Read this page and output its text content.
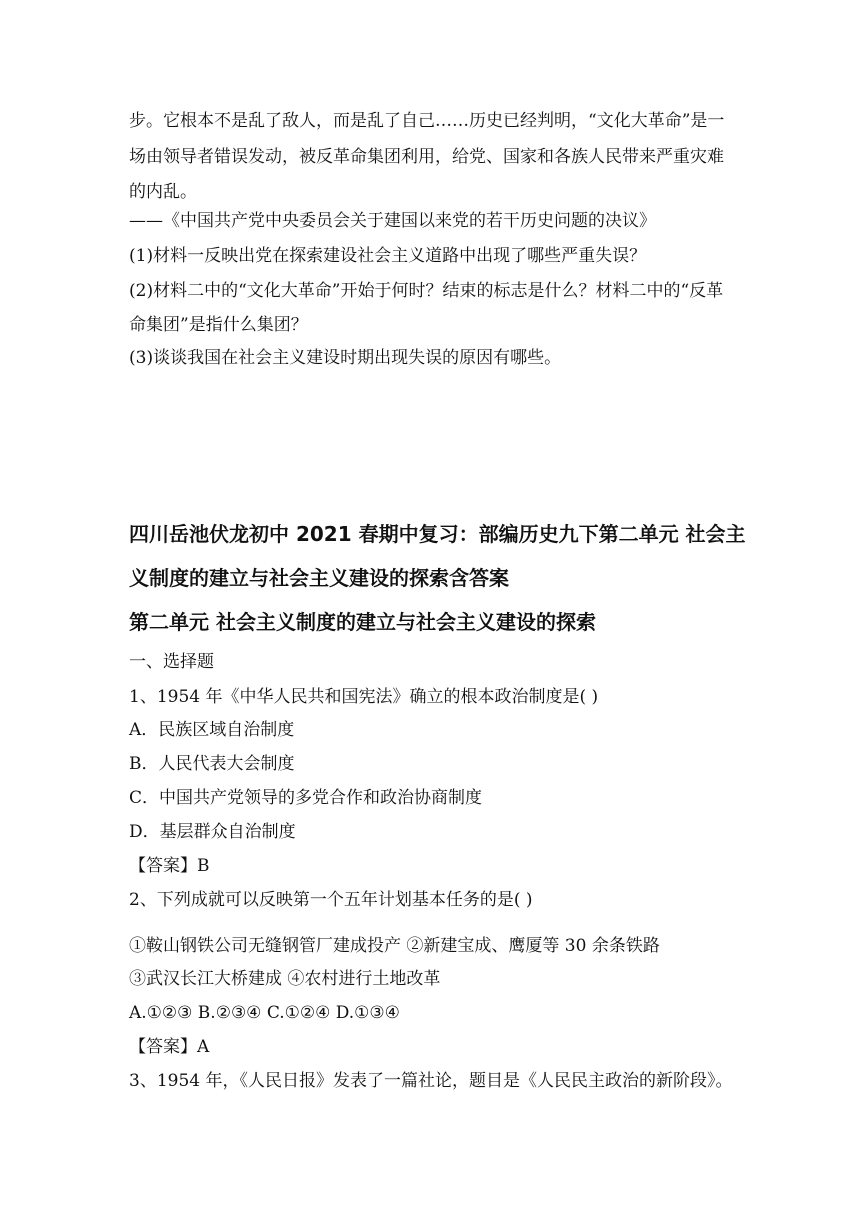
步。它根本不是乱了敌人，而是乱了自己……历史已经判明，“文化大革命”是一
场由领导者错误发动，被反革命集团利用，给党、国家和各族人民带来严重灾难
的内乱。
——《中国共产党中央委员会关于建国以来党的若干历史问题的决议》
(1)材料一反映出党在探索建设社会主义道路中出现了哪些严重失误？
(2)材料二中的“文化大革命”开始于何时？结束的标志是什么？材料二中的“反革
命集团”是指什么集团？
(3)谈谈我国在社会主义建设时期出现失误的原因有哪些。
四川岳池伏龙初中 2021 春期中复习：部编历史九下第二单元 社会主
义制度的建立与社会主义建设的探索含答案
第二单元 社会主义制度的建立与社会主义建设的探索
一、选择题
1、1954 年《中华人民共和国宪法》确立的根本政治制度是( )
A．民族区域自治制度
B．人民代表大会制度
C．中国共产党领导的多党合作和政治协商制度
D．基层群众自治制度
【答案】B
2、下列成就可以反映第一个五年计划基本任务的是( )
①鞍山钢铁公司无缝钢管厂建成投产 ②新建宝成、鹰厦等 30 余条铁路
③武汉长江大桥建成 ④农村进行土地改革
A.①②③ B.②③④ C.①②④ D.①③④
【答案】A
3、1954 年，《人民日报》发表了一篇社论，题目是《人民民主政治的新阶段》。
